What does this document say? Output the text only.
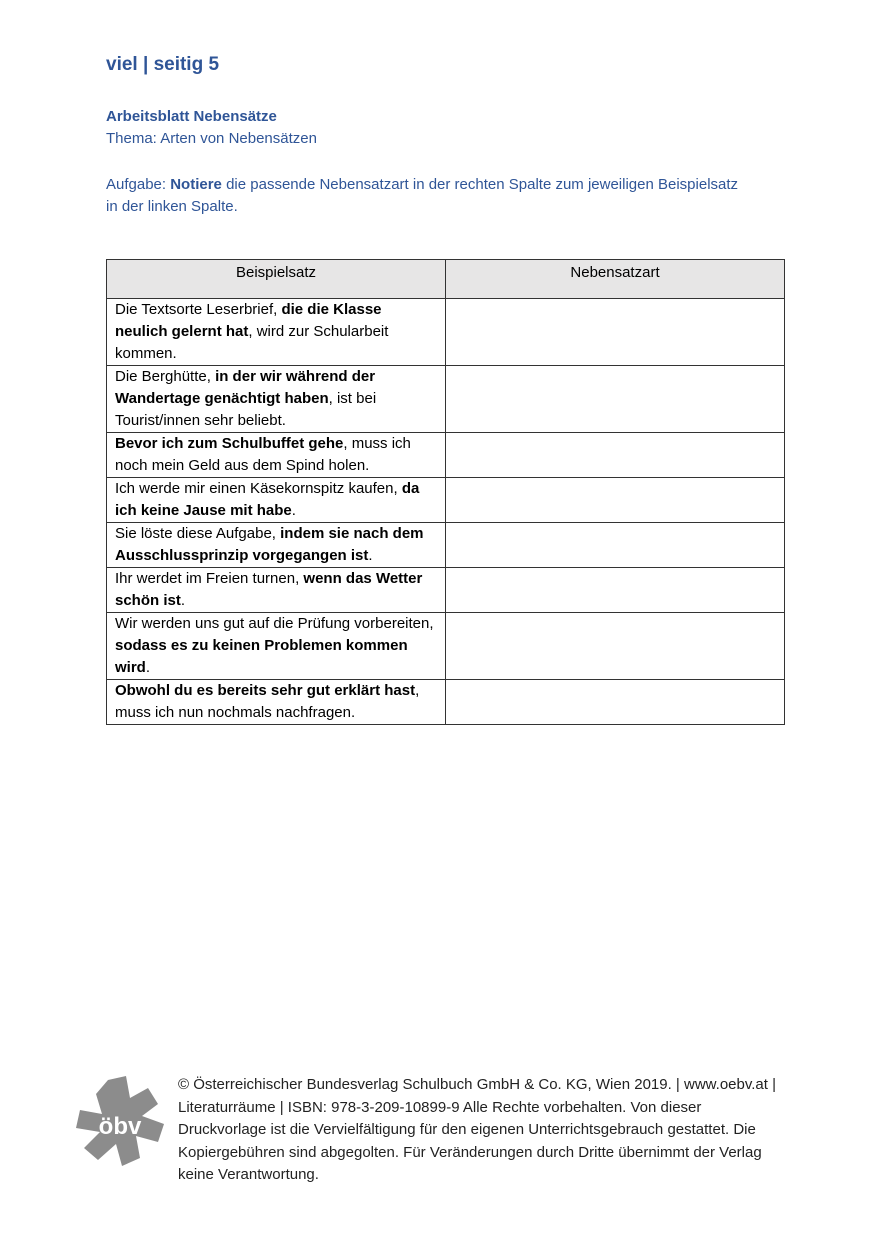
viel | seitig 5
Arbeitsblatt Nebensätze
Thema: Arten von Nebensätzen
Aufgabe: Notiere die passende Nebensatzart in der rechten Spalte zum jeweiligen Beispielsatz in der linken Spalte.
Beispielsatz	Nebensatzart
Die Textsorte Leserbrief, die die Klasse neulich gelernt hat, wird zur Schularbeit kommen.	
Die Berghütte, in der wir während der Wandertage genächtigt haben, ist bei Tourist/innen sehr beliebt.	
Bevor ich zum Schulbuffet gehe, muss ich noch mein Geld aus dem Spind holen.	
Ich werde mir einen Käsekornspitz kaufen, da ich keine Jause mit habe.	
Sie löste diese Aufgabe, indem sie nach dem Ausschlussprinzip vorgegangen ist.	
Ihr werdet im Freien turnen, wenn das Wetter schön ist.	
Wir werden uns gut auf die Prüfung vorbereiten, sodass es zu keinen Problemen kommen wird.	
Obwohl du es bereits sehr gut erklärt hast, muss ich nun nochmals nachfragen.	
öbv
© Österreichischer Bundesverlag Schulbuch GmbH & Co. KG, Wien 2019. | www.oebv.at | Literaturräume | ISBN: 978-3-209-10899-9 Alle Rechte vorbehalten. Von dieser Druckvorlage ist die Vervielfältigung für den eigenen Unterrichtsgebrauch gestattet. Die Kopiergebühren sind abgegolten. Für Veränderungen durch Dritte übernimmt der Verlag keine Verantwortung.
